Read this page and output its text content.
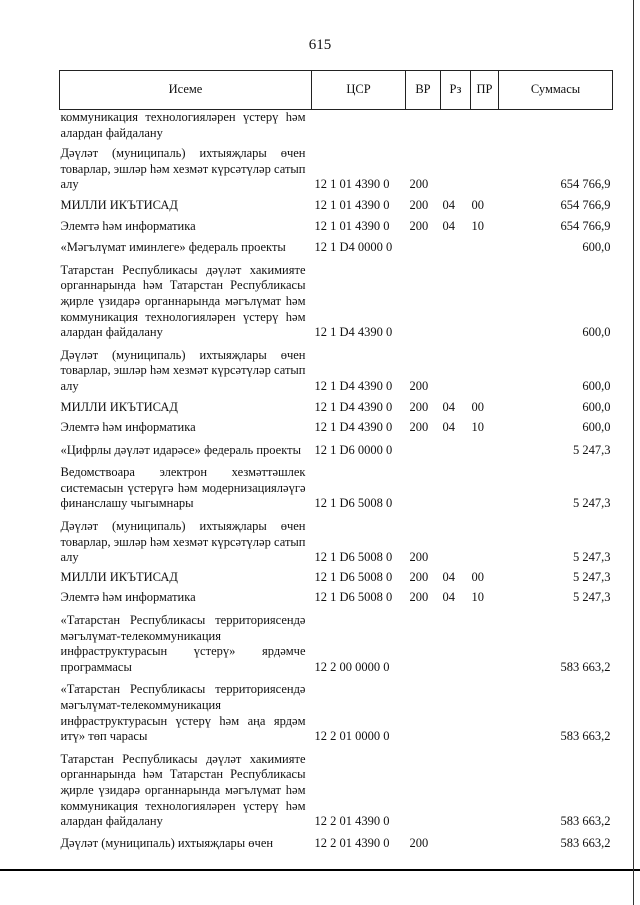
615
Исеме	ЦСР	ВР	Рз	ПР	Суммасы
коммуникация технологияләрен үстерү һәм алардан файдалану					
Дәүләт (муниципаль) ихтыяҗлары өчен товарлар, эшләр һәм хезмәт күрсәтүләр сатып алу	12 1 01 4390 0	200			654 766,9
МИЛЛИ ИКЪТИСАД	12 1 01 4390 0	200	04	00	654 766,9
Элемтә һәм информатика	12 1 01 4390 0	200	04	10	654 766,9
«Мәгълүмат иминлеге» федераль проекты	12 1 D4 0000 0				600,0
Татарстан Республикасы дәүләт хакимияте органнарында һәм Татарстан Республикасы җирле үзидарә органнарында мәгълүмат һәм коммуникация технологияләрен үстерү һәм алардан файдалану	12 1 D4 4390 0				600,0
Дәүләт (муниципаль) ихтыяҗлары өчен товарлар, эшләр һәм хезмәт күрсәтүләр сатып алу	12 1 D4 4390 0	200			600,0
МИЛЛИ ИКЪТИСАД	12 1 D4 4390 0	200	04	00	600,0
Элемтә һәм информатика	12 1 D4 4390 0	200	04	10	600,0
«Цифрлы дәүләт идарәсе» федераль проекты	12 1 D6 0000 0				5 247,3
Ведомствоара электрон хезмәттәшлек системасын үстерүгә һәм модернизацияләүгә финанслашу чыгымнары	12 1 D6 5008 0				5 247,3
Дәүләт (муниципаль) ихтыяҗлары өчен товарлар, эшләр һәм хезмәт күрсәтүләр сатып алу	12 1 D6 5008 0	200			5 247,3
МИЛЛИ ИКЪТИСАД	12 1 D6 5008 0	200	04	00	5 247,3
Элемтә һәм информатика	12 1 D6 5008 0	200	04	10	5 247,3
«Татарстан Республикасы территориясендә мәгълүмат-телекоммуникация инфраструктурасын үстерү» ярдәмче программасы	12 2 00 0000 0				583 663,2
«Татарстан Республикасы территориясендә мәгълүмат-телекоммуникация инфраструктурасын үстерү һәм аңа ярдәм итү» төп чарасы	12 2 01 0000 0				583 663,2
Татарстан Республикасы дәүләт хакимияте органнарында һәм Татарстан Республикасы җирле үзидарә органнарында мәгълүмат һәм коммуникация технологияләрен үстерү һәм алардан файдалану	12 2 01 4390 0				583 663,2
Дәүләт (муниципаль) ихтыяҗлары өчен	12 2 01 4390 0	200			583 663,2
